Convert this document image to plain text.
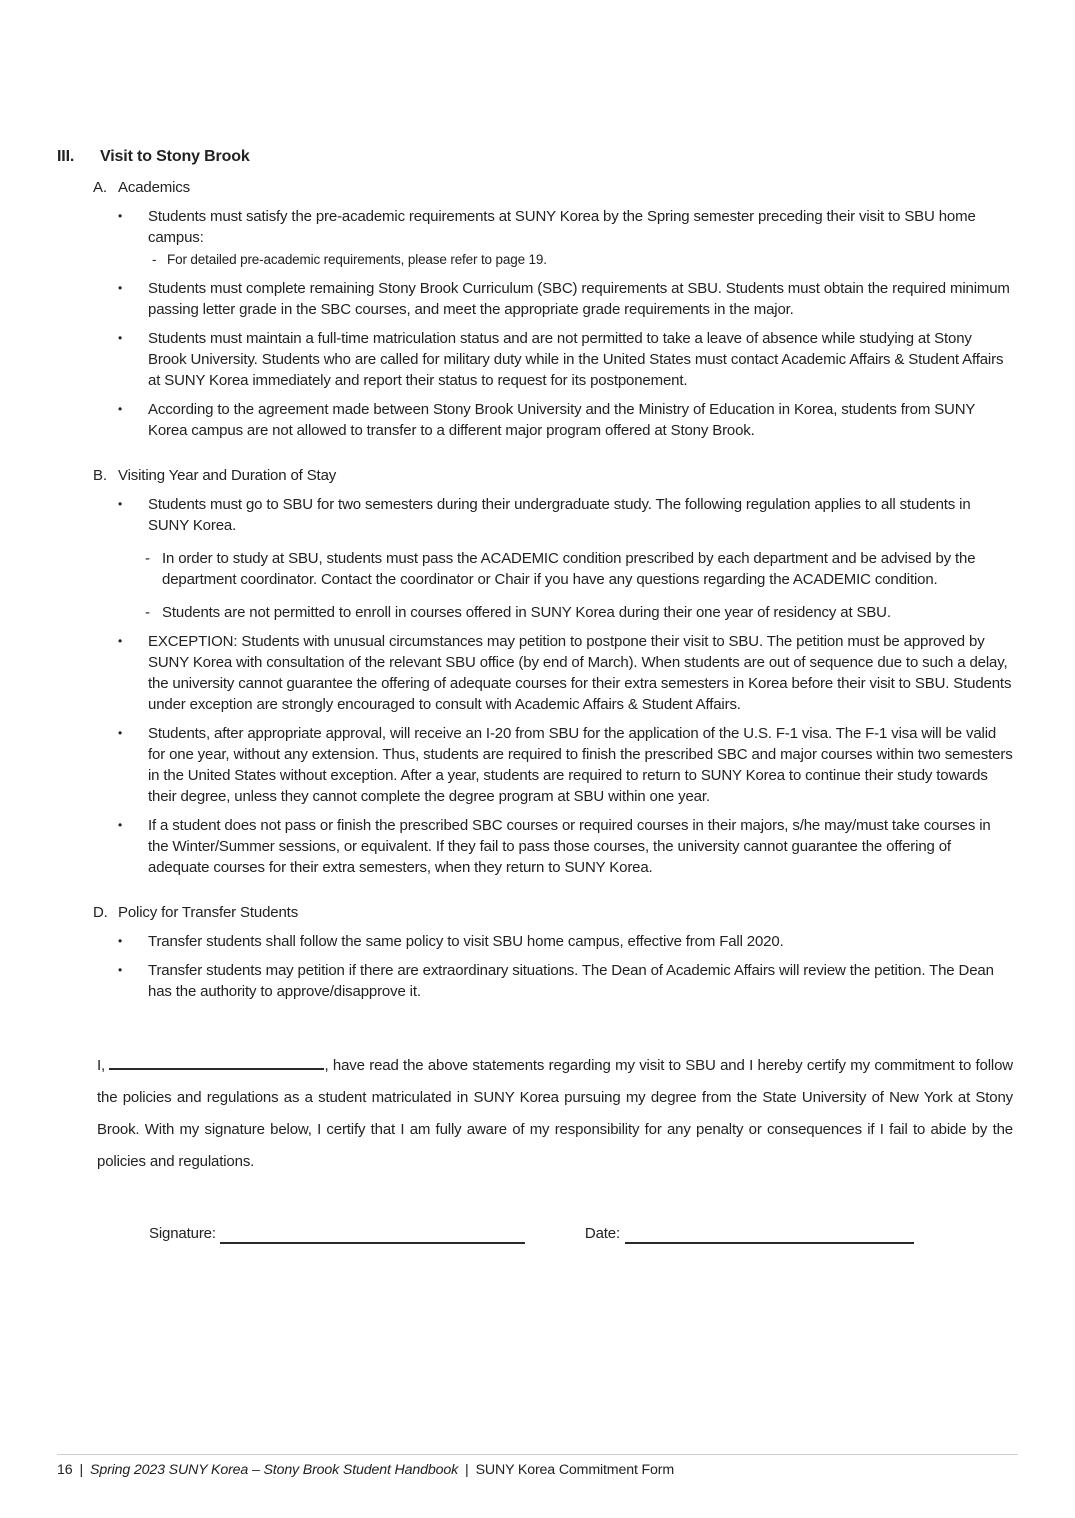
III.	Visit to Stony Brook
A. Academics
•	Students must satisfy the pre-academic requirements at SUNY Korea by the Spring semester preceding their visit to SBU home campus:
- For detailed pre-academic requirements, please refer to page 19.
•	Students must complete remaining Stony Brook Curriculum (SBC) requirements at SBU. Students must obtain the required minimum passing letter grade in the SBC courses, and meet the appropriate grade requirements in the major.
•	Students must maintain a full-time matriculation status and are not permitted to take a leave of absence while studying at Stony Brook University. Students who are called for military duty while in the United States must contact Academic Affairs & Student Affairs at SUNY Korea immediately and report their status to request for its postponement.
•	According to the agreement made between Stony Brook University and the Ministry of Education in Korea, students from SUNY Korea campus are not allowed to transfer to a different major program offered at Stony Brook.
B. Visiting Year and Duration of Stay
•	Students must go to SBU for two semesters during their undergraduate study. The following regulation applies to all students in SUNY Korea.
- In order to study at SBU, students must pass the ACADEMIC condition prescribed by each department and be advised by the department coordinator. Contact the coordinator or Chair if you have any questions regarding the ACADEMIC condition.
- Students are not permitted to enroll in courses offered in SUNY Korea during their one year of residency at SBU.
•	EXCEPTION: Students with unusual circumstances may petition to postpone their visit to SBU. The petition must be approved by SUNY Korea with consultation of the relevant SBU office (by end of March). When students are out of sequence due to such a delay, the university cannot guarantee the offering of adequate courses for their extra semesters in Korea before their visit to SBU. Students under exception are strongly encouraged to consult with Academic Affairs & Student Affairs.
•	Students, after appropriate approval, will receive an I-20 from SBU for the application of the U.S. F-1 visa. The F-1 visa will be valid for one year, without any extension. Thus, students are required to finish the prescribed SBC and major courses within two semesters in the United States without exception. After a year, students are required to return to SUNY Korea to continue their study towards their degree, unless they cannot complete the degree program at SBU within one year.
•	If a student does not pass or finish the prescribed SBC courses or required courses in their majors, s/he may/must take courses in the Winter/Summer sessions, or equivalent. If they fail to pass those courses, the university cannot guarantee the offering of adequate courses for their extra semesters, when they return to SUNY Korea.
D. Policy for Transfer Students
•	Transfer students shall follow the same policy to visit SBU home campus, effective from Fall 2020.
•	Transfer students may petition if there are extraordinary situations. The Dean of Academic Affairs will review the petition. The Dean has the authority to approve/disapprove it.

I,	, have read the above statements regarding my visit to SBU and I hereby certify my commitment to follow the policies and regulations as a student matriculated in SUNY Korea pursuing my degree from the State University of New York at Stony Brook. With my signature below, I certify that I am fully aware of my responsibility for any penalty or consequences if I fail to abide by the policies and regulations.

Signature:	Date:
16 | Spring 2023 SUNY Korea – Stony Brook Student Handbook | SUNY Korea Commitment Form
